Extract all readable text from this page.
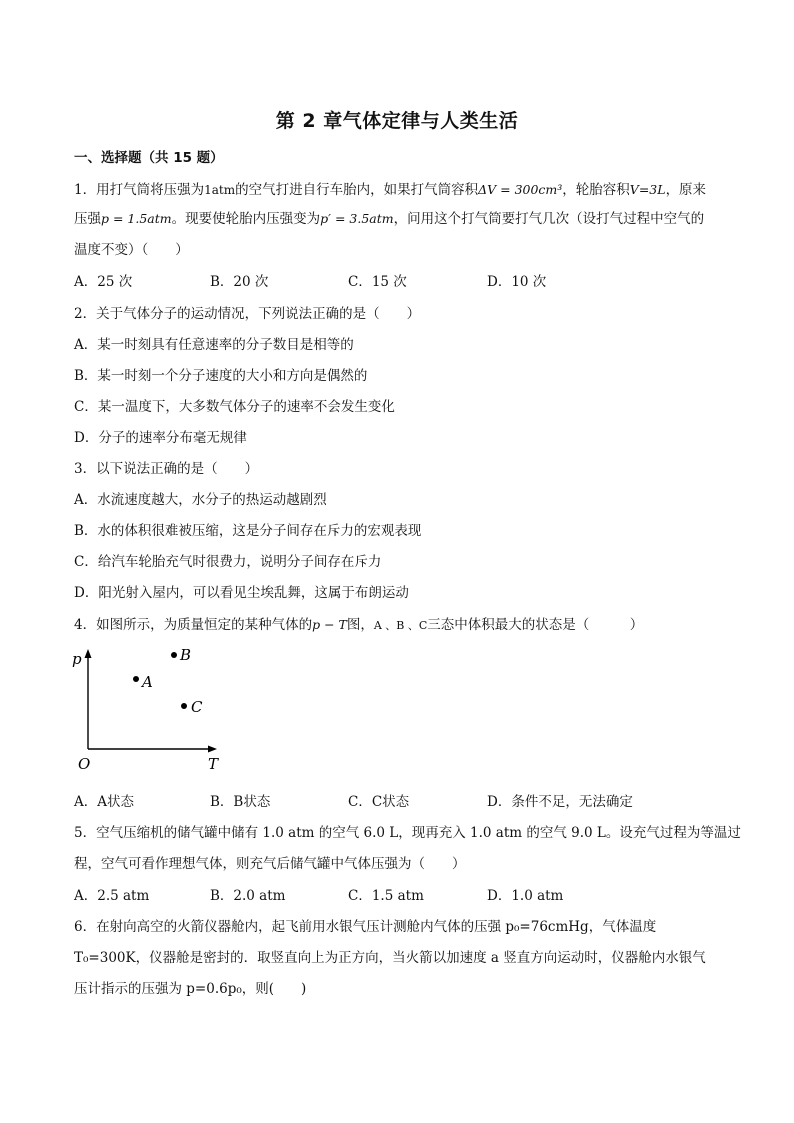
第 2 章气体定律与人类生活
一、选择题（共 15 题）
1．用打气筒将压强为1atm的空气打进自行车胎内，如果打气筒容积ΔV = 300cm³，轮胎容积V=3L，原来
压强p = 1.5atm。现要使轮胎内压强变为p′ = 3.5atm，问用这个打气筒要打气几次（设打气过程中空气的
温度不变）（　　）
A．25 次	B．20 次	C．15 次	D．10 次
2．关于气体分子的运动情况，下列说法正确的是（　　）
A．某一时刻具有任意速率的分子数目是相等的
B．某一时刻一个分子速度的大小和方向是偶然的
C．某一温度下，大多数气体分子的速率不会发生变化
D．分子的速率分布毫无规律
3．以下说法正确的是（　　）
A．水流速度越大，水分子的热运动越剧烈
B．水的体积很难被压缩，这是分子间存在斥力的宏观表现
C．给汽车轮胎充气时很费力，说明分子间存在斥力
D．阳光射入屋内，可以看见尘埃乱舞，这属于布朗运动
4．如图所示，为质量恒定的某种气体的p − T图，A 、B 、C三态中体积最大的状态是（　　　）
p
T
O
A
B
C
A．A状态	B．B状态	C．C状态	D．条件不足，无法确定
5．空气压缩机的储气罐中储有 1.0 atm 的空气 6.0 L，现再充入 1.0 atm 的空气 9.0 L。设充气过程为等温过
程，空气可看作理想气体，则充气后储气罐中气体压强为（　　）
A．2.5 atm	B．2.0 atm	C．1.5 atm	D．1.0 atm
6．在射向高空的火箭仪器舱内，起飞前用水银气压计测舱内气体的压强 p₀=76cmHg，气体温度
T₀=300K，仪器舱是密封的．取竖直向上为正方向，当火箭以加速度 a 竖直方向运动时，仪器舱内水银气
压计指示的压强为 p=0.6p₀，则(　　)
